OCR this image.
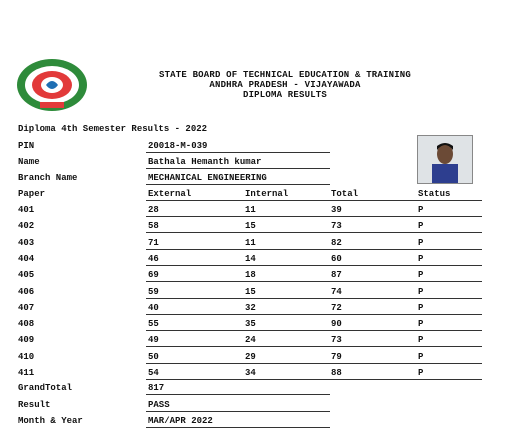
STATE BOARD OF TECHNICAL EDUCATION & TRAINING
ANDHRA PRADESH - VIJAYAWADA
DIPLOMA RESULTS
Diploma 4th Semester Results - 2022
PIN	20018-M-039
Name	Bathala Hemanth kumar
Branch Name	MECHANICAL ENGINEERING
Paper	External	Internal	Total	Status
401	28	11	39	P
402	58	15	73	P
403	71	11	82	P
404	46	14	60	P
405	69	18	87	P
406	59	15	74	P
407	40	32	72	P
408	55	35	90	P
409	49	24	73	P
410	50	29	79	P
411	54	34	88	P
GrandTotal	817
Result	PASS
Month & Year	MAR/APR 2022
